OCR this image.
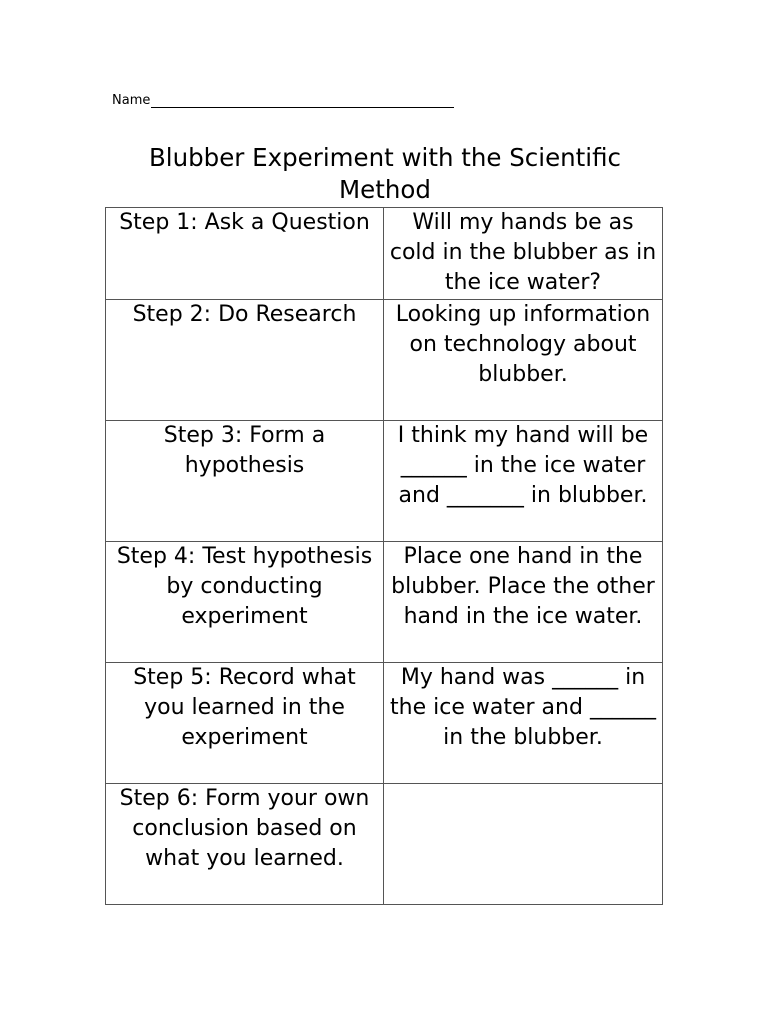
Name
Blubber Experiment with the Scientific Method
Step 1: Ask a Question	Will my hands be as cold in the blubber as in the ice water?
Step 2: Do Research	Looking up information on technology about blubber.
Step 3: Form a hypothesis	I think my hand will be ______ in the ice water and _______ in blubber.
Step 4: Test hypothesis by conducting experiment	Place one hand in the blubber. Place the other hand in the ice water.
Step 5: Record what you learned in the experiment	My hand was ______ in the ice water and ______ in the blubber.
Step 6: Form your own conclusion based on what you learned.	
